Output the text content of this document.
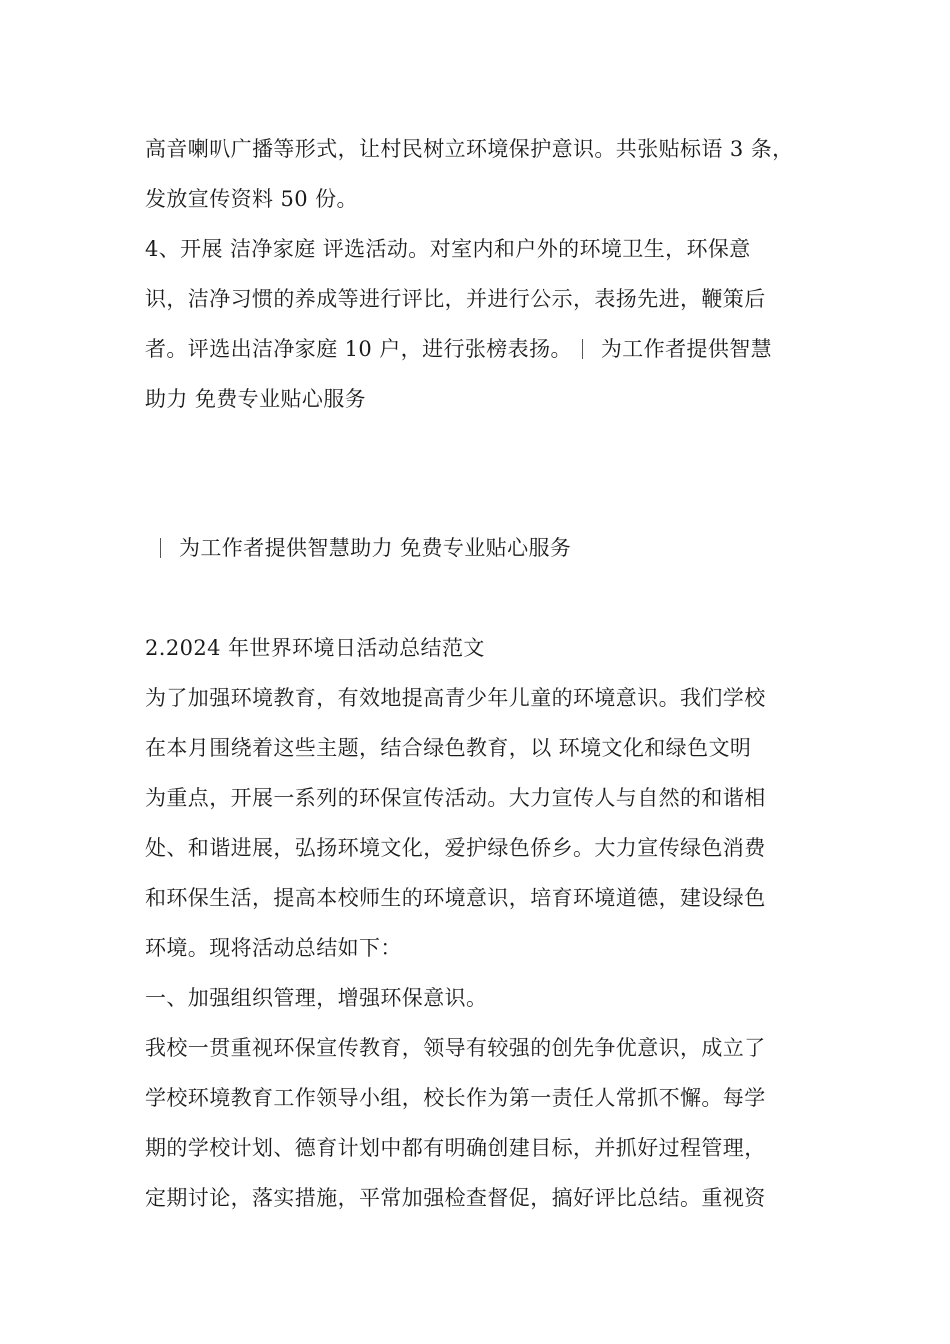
高音喇叭广播等形式，让村民树立环境保护意识。共张贴标语 3 条，
发放宣传资料 50 份。
4、开展 洁净家庭 评选活动。对室内和户外的环境卫生，环保意
识，洁净习惯的养成等进行评比，并进行公示，表扬先进，鞭策后
者。评选出洁净家庭 10 户，进行张榜表扬。 为工作者提供智慧
助力 免费专业贴心服务
为工作者提供智慧助力 免费专业贴心服务
2.2024 年世界环境日活动总结范文
为了加强环境教育，有效地提高青少年儿童的环境意识。我们学校
在本月围绕着这些主题，结合绿色教育，以 环境文化和绿色文明
为重点，开展一系列的环保宣传活动。大力宣传人与自然的和谐相
处、和谐进展，弘扬环境文化，爱护绿色侨乡。大力宣传绿色消费
和环保生活，提高本校师生的环境意识，培育环境道德，建设绿色
环境。现将活动总结如下：
一、加强组织管理，增强环保意识。
我校一贯重视环保宣传教育，领导有较强的创先争优意识，成立了
学校环境教育工作领导小组，校长作为第一责任人常抓不懈。每学
期的学校计划、德育计划中都有明确创建目标，并抓好过程管理，
定期讨论，落实措施，平常加强检查督促，搞好评比总结。重视资
